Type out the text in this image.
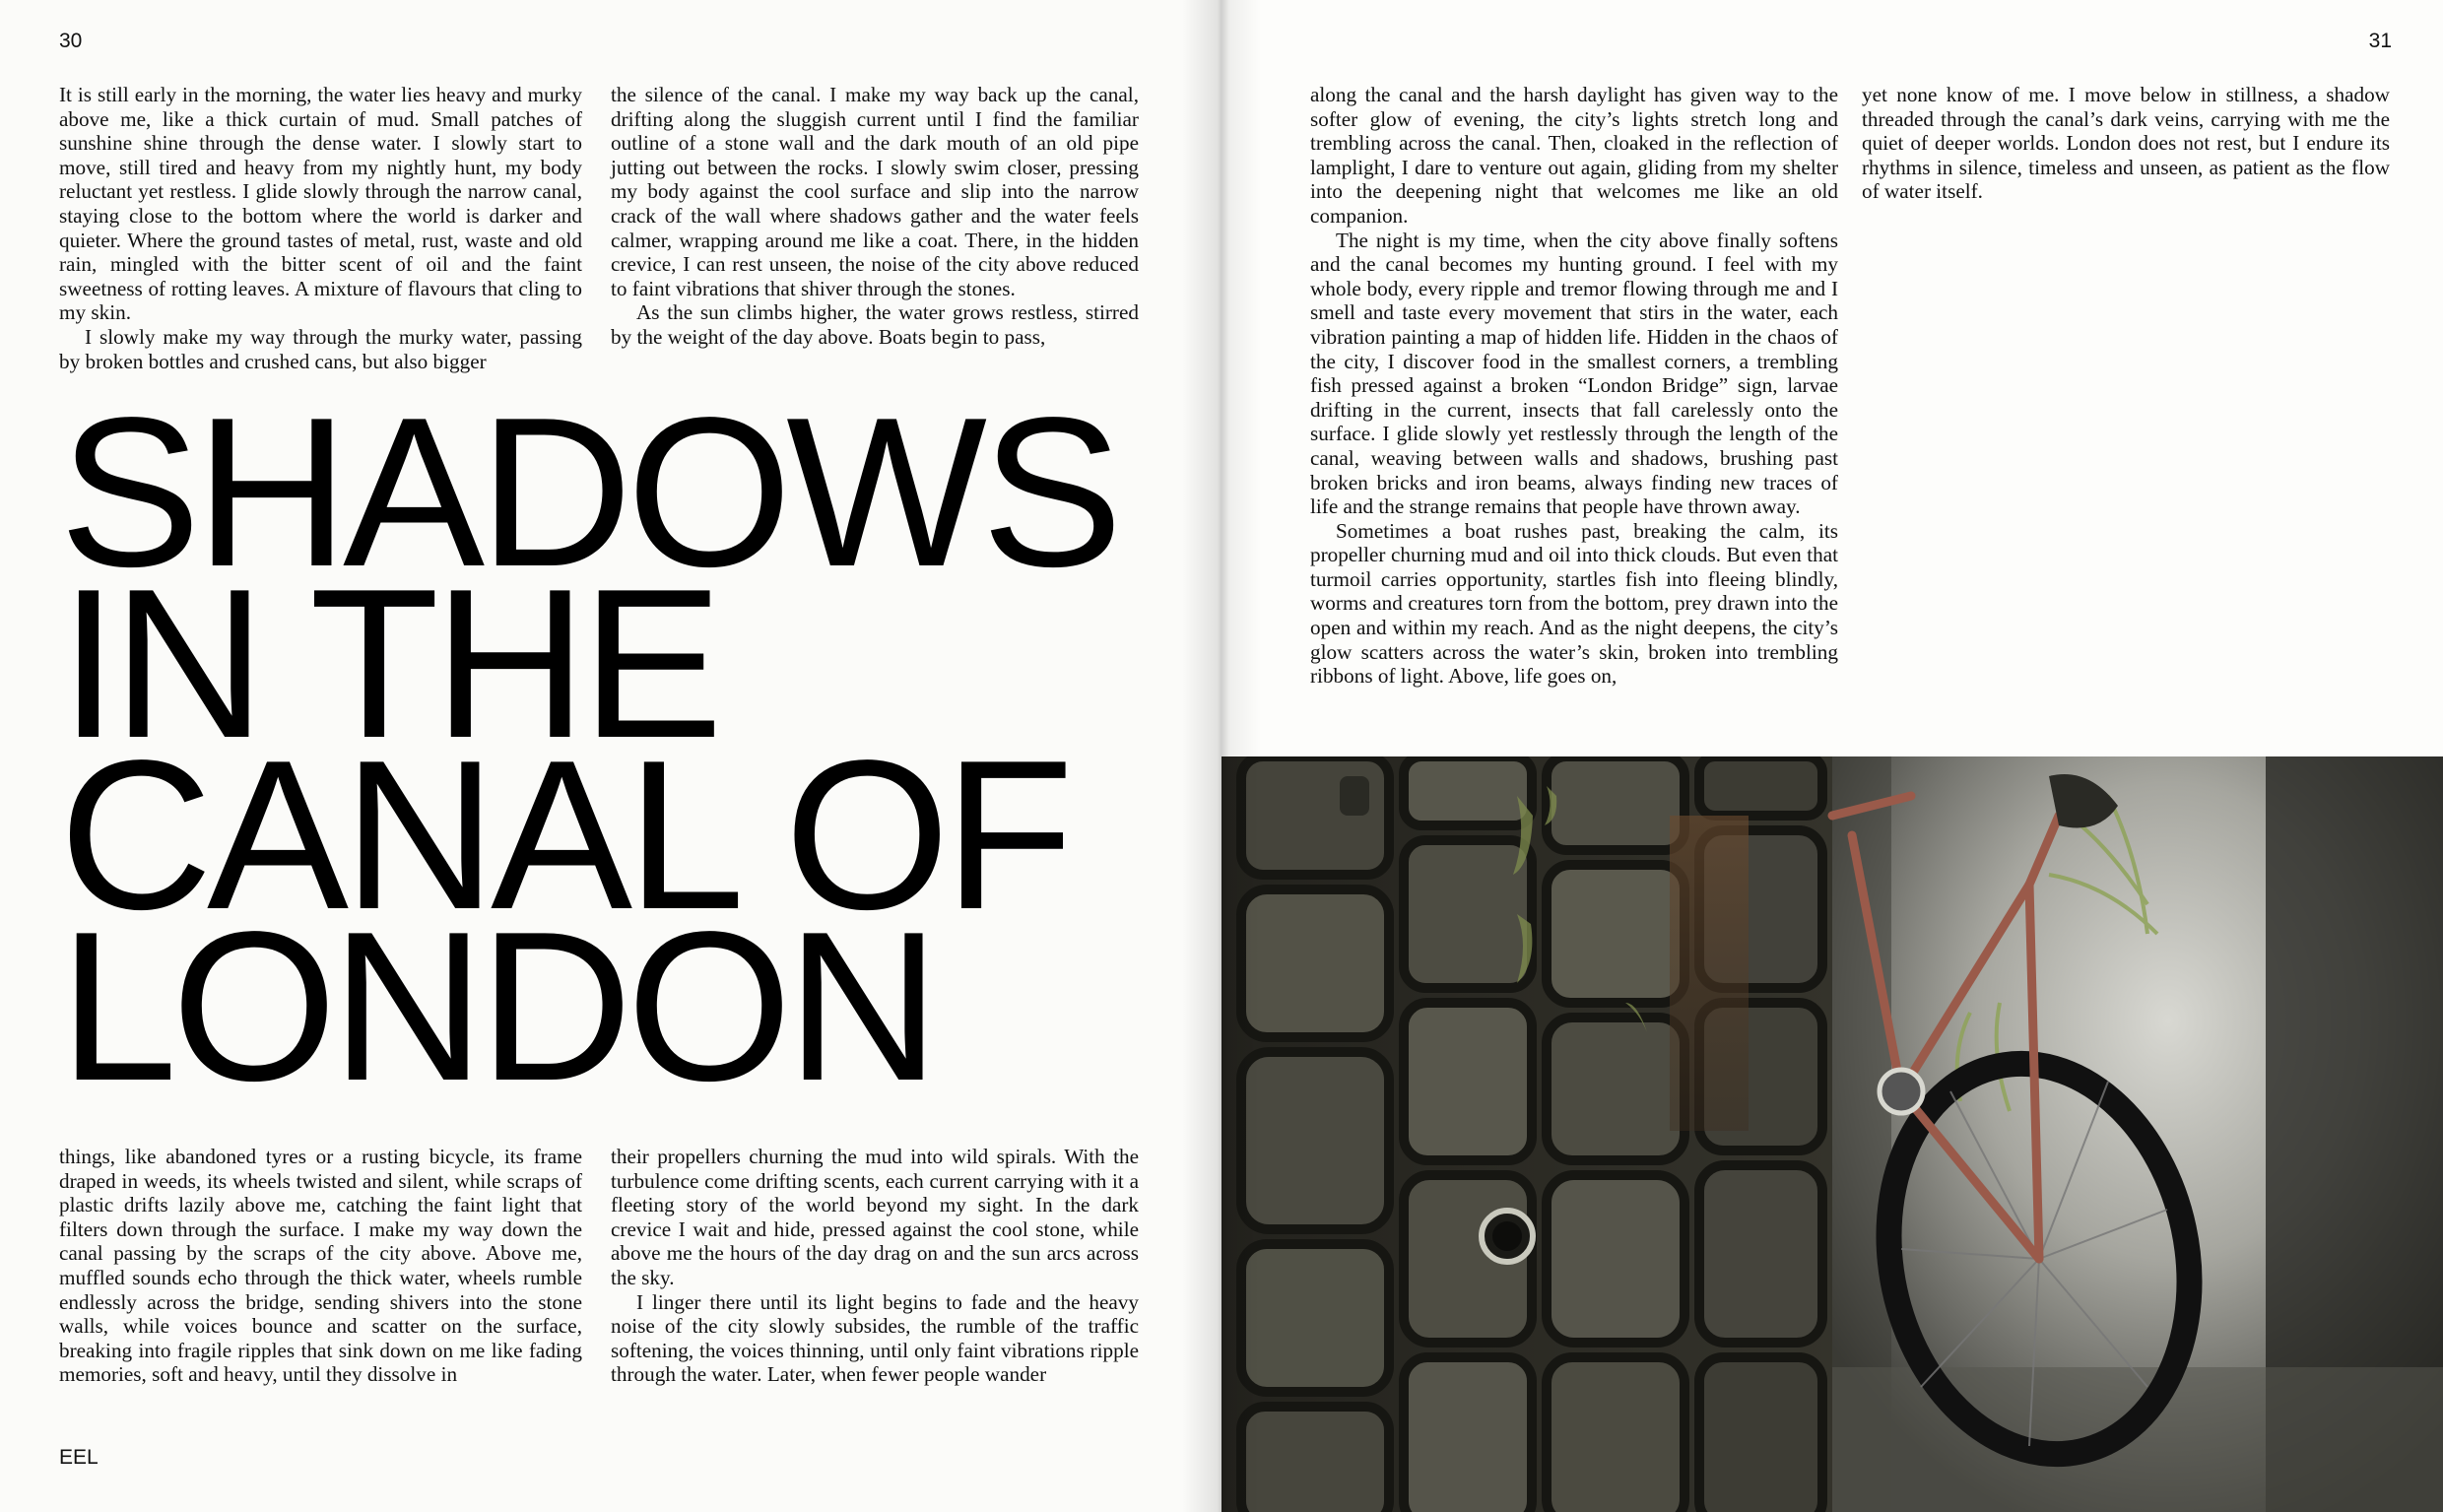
30

It is still early in the morning, the water lies heavy and murky above me, like a thick curtain of mud. Small patches of sunshine shine through the dense water. I slowly start to move, still tired and heavy from my nightly hunt, my body reluctant yet restless. I glide slowly through the narrow canal, staying close to the bottom where the world is darker and quieter. Where the ground tastes of metal, rust, waste and old rain, mingled with the bitter scent of oil and the faint sweetness of rotting leaves. A mixture of flavours that cling to my skin.

I slowly make my way through the murky water, passing by broken bottles and crushed cans, but also bigger

the silence of the canal. I make my way back up the canal, drifting along the sluggish current until I find the familiar outline of a stone wall and the dark mouth of an old pipe jutting out between the rocks. I slowly swim closer, pressing my body against the cool surface and slip into the narrow crack of the wall where shadows gather and the water feels calmer, wrapping around me like a coat. There, in the hidden crevice, I can rest unseen, the noise of the city above reduced to faint vibrations that shiver through the stones.

As the sun climbs higher, the water grows restless, stirred by the weight of the day above. Boats begin to pass,

SHADOWS
IN THE
CANAL OF
LONDON

things, like abandoned tyres or a rusting bicycle, its frame draped in weeds, its wheels twisted and silent, while scraps of plastic drifts lazily above me, catching the faint light that filters down through the surface. I make my way down the canal passing by the scraps of the city above. Above me, muffled sounds echo through the thick water, wheels rumble endlessly across the bridge, sending shivers into the stone walls, while voices bounce and scatter on the surface, breaking into fragile ripples that sink down on me like fading memories, soft and heavy, until they dissolve in

their propellers churning the mud into wild spirals. With the turbulence come drifting scents, each current carrying with it a fleeting story of the world beyond my sight. In the dark crevice I wait and hide, pressed against the cool stone, while above me the hours of the day drag on and the sun arcs across the sky.

I linger there until its light begins to fade and the heavy noise of the city slowly subsides, the rumble of the traffic softening, the voices thinning, until only faint vibrations ripple through the water. Later, when fewer people wander

EEL
31

along the canal and the harsh daylight has given way to the softer glow of evening, the city’s lights stretch long and trembling across the canal. Then, cloaked in the reflection of lamplight, I dare to venture out again, gliding from my shelter into the deepening night that welcomes me like an old companion.

The night is my time, when the city above finally softens and the canal becomes my hunting ground. I feel with my whole body, every ripple and tremor flowing through me and I smell and taste every movement that stirs in the water, each vibration painting a map of hidden life. Hidden in the chaos of the city, I discover food in the smallest corners, a trembling fish pressed against a broken “London Bridge” sign, larvae drifting in the current, insects that fall carelessly onto the surface. I glide slowly yet restlessly through the length of the canal, weaving between walls and shadows, brushing past broken bricks and iron beams, always finding new traces of life and the strange remains that people have thrown away.

Sometimes a boat rushes past, breaking the calm, its propeller churning mud and oil into thick clouds. But even that turmoil carries opportunity, startles fish into fleeing blindly, worms and creatures torn from the bottom, prey drawn into the open and within my reach. And as the night deepens, the city’s glow scatters across the water’s skin, broken into trembling ribbons of light. Above, life goes on,

yet none know of me. I move below in stillness, a shadow threaded through the canal’s dark veins, carrying with me the quiet of deeper worlds. London does not rest, but I endure its rhythms in silence, timeless and unseen, as patient as the flow of water itself.
